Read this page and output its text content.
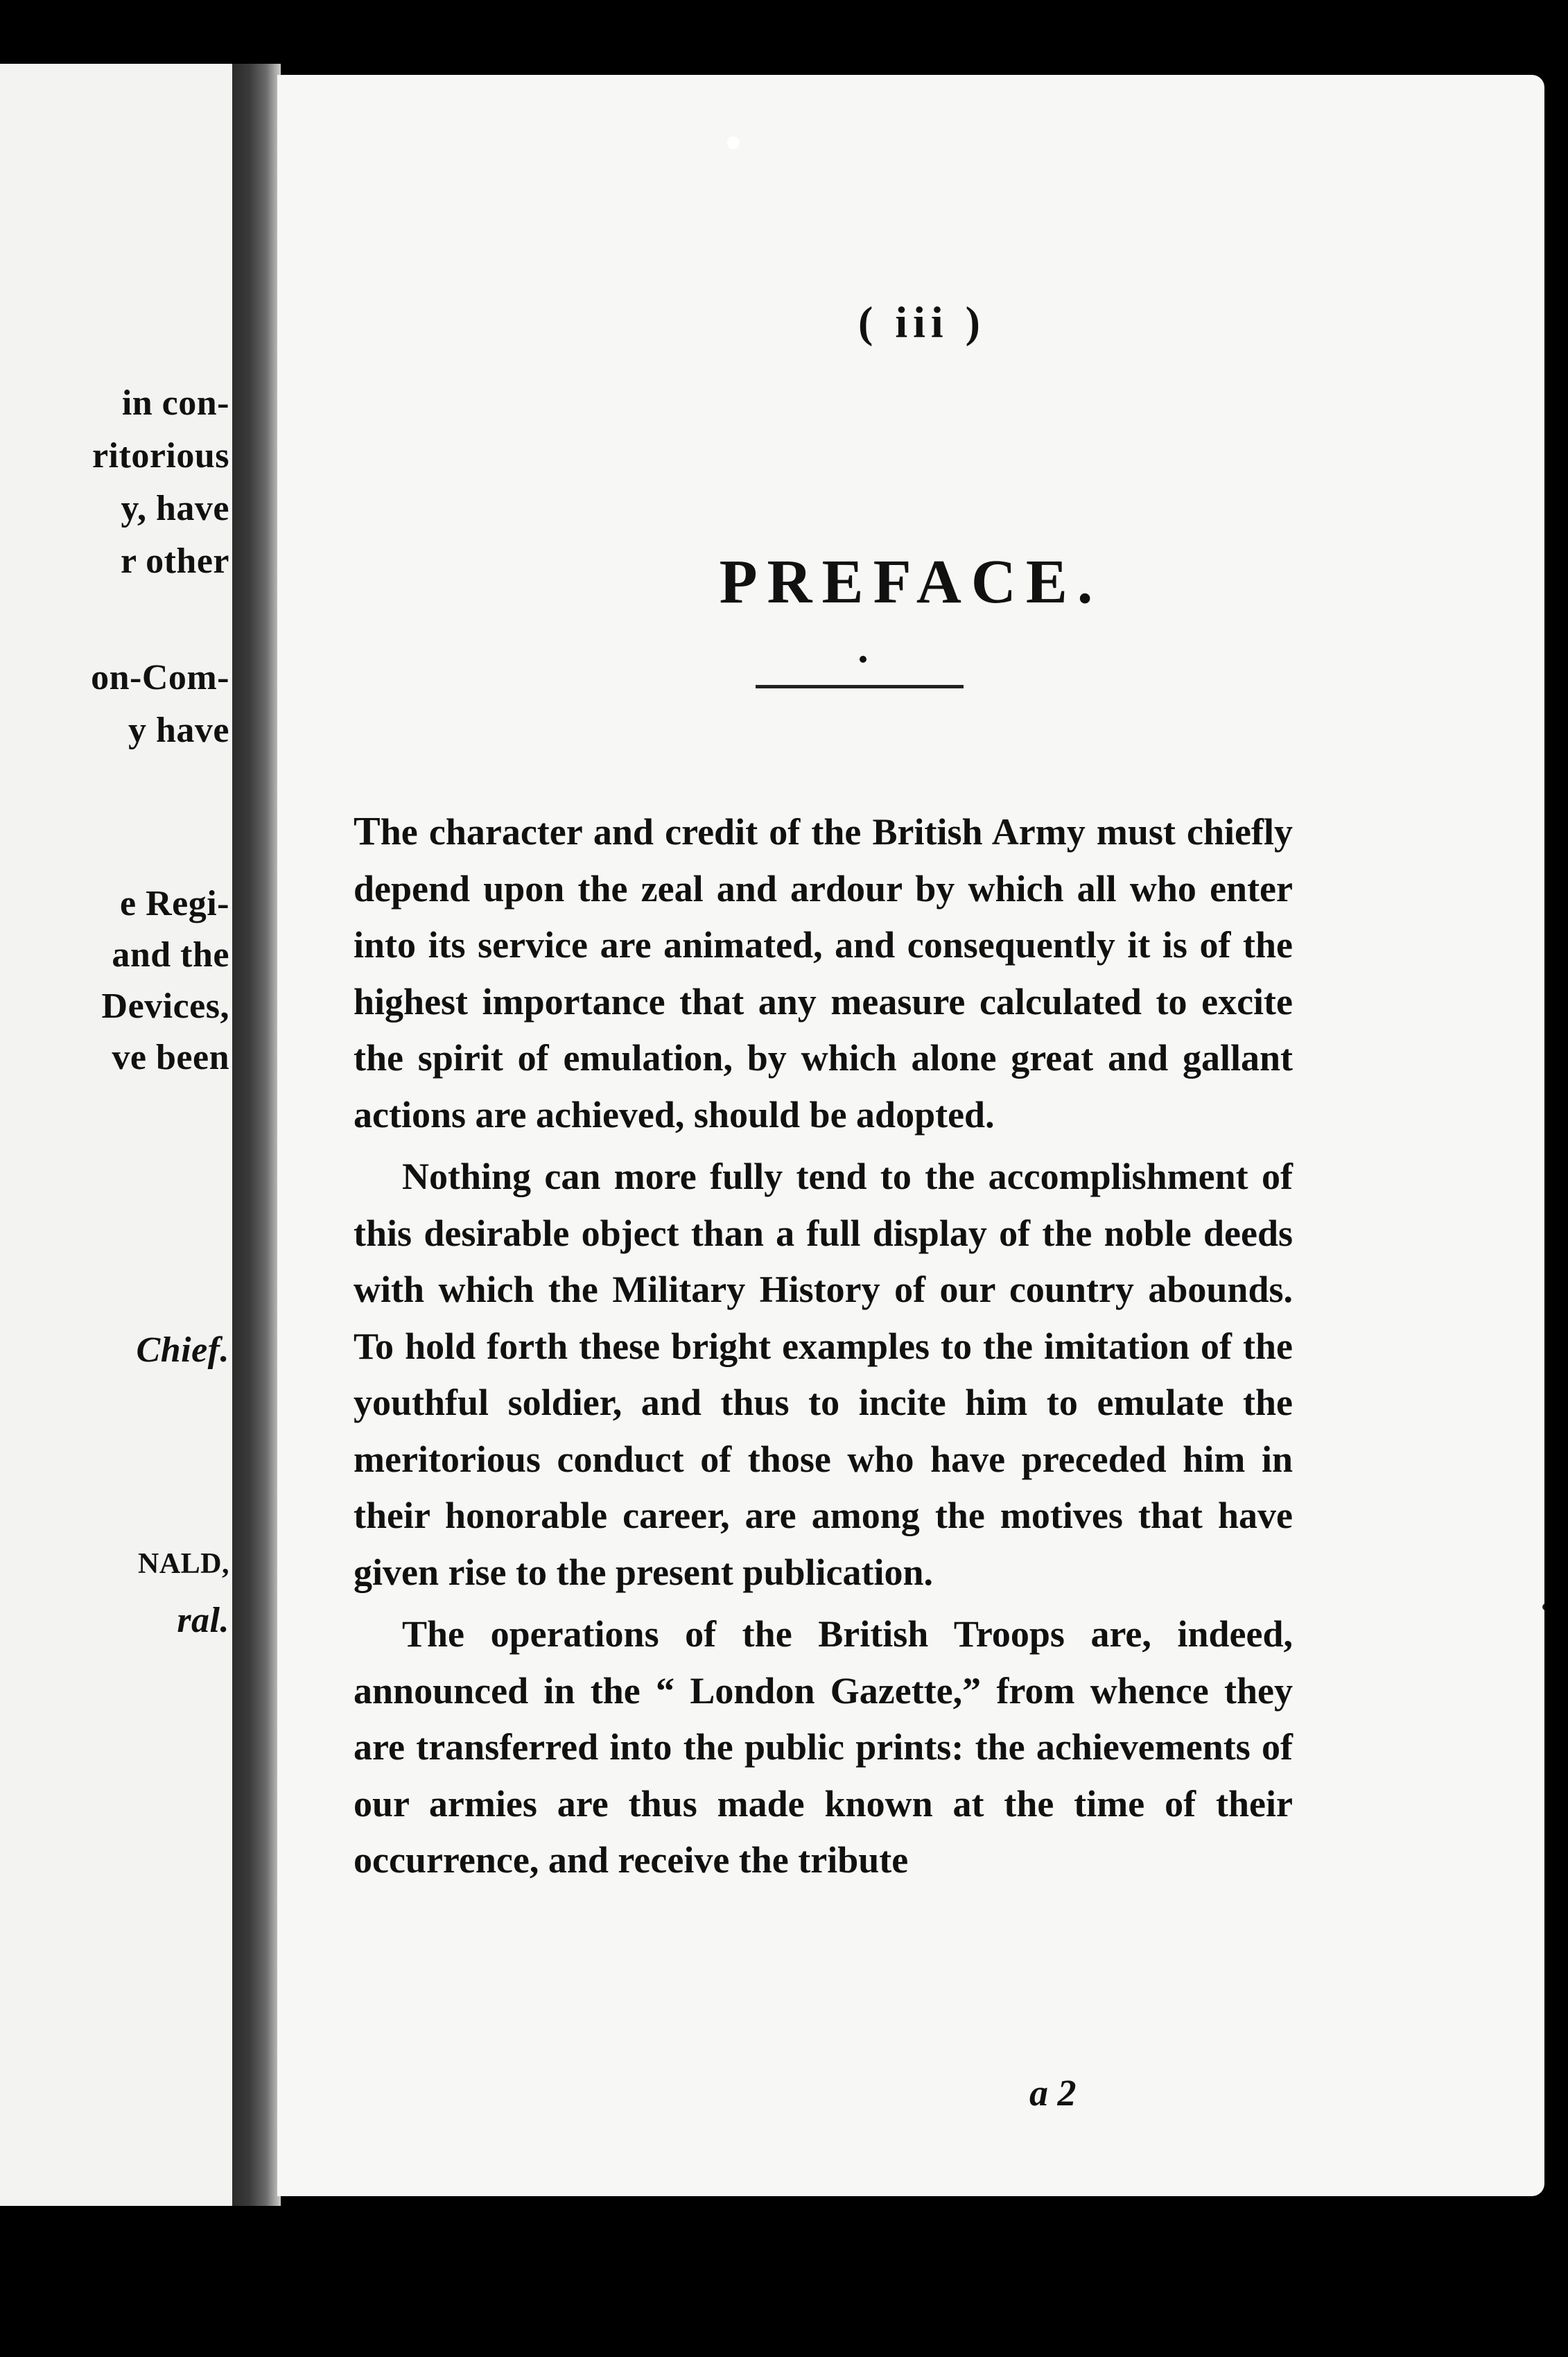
in con-
ritorious
y, have
r other
on-Com-
y have
e Regi-
and the
Devices,
ve been
Chief.
NALD,
ral.
( iii )
PREFACE.

The character and credit of the British Army must chiefly depend upon the zeal and ardour by which all who enter into its service are animated, and consequently it is of the highest importance that any measure calculated to excite the spirit of emulation, by which alone great and gallant actions are achieved, should be adopted.

Nothing can more fully tend to the accomplishment of this desirable object than a full display of the noble deeds with which the Military History of our country abounds. To hold forth these bright examples to the imitation of the youthful soldier, and thus to incite him to emulate the meritorious conduct of those who have preceded him in their honorable career, are among the motives that have given rise to the present publication.

The operations of the British Troops are, indeed, announced in the “ London Gazette,” from whence they are transferred into the public prints: the achievements of our armies are thus made known at the time of their occurrence, and receive the tribute

a 2
